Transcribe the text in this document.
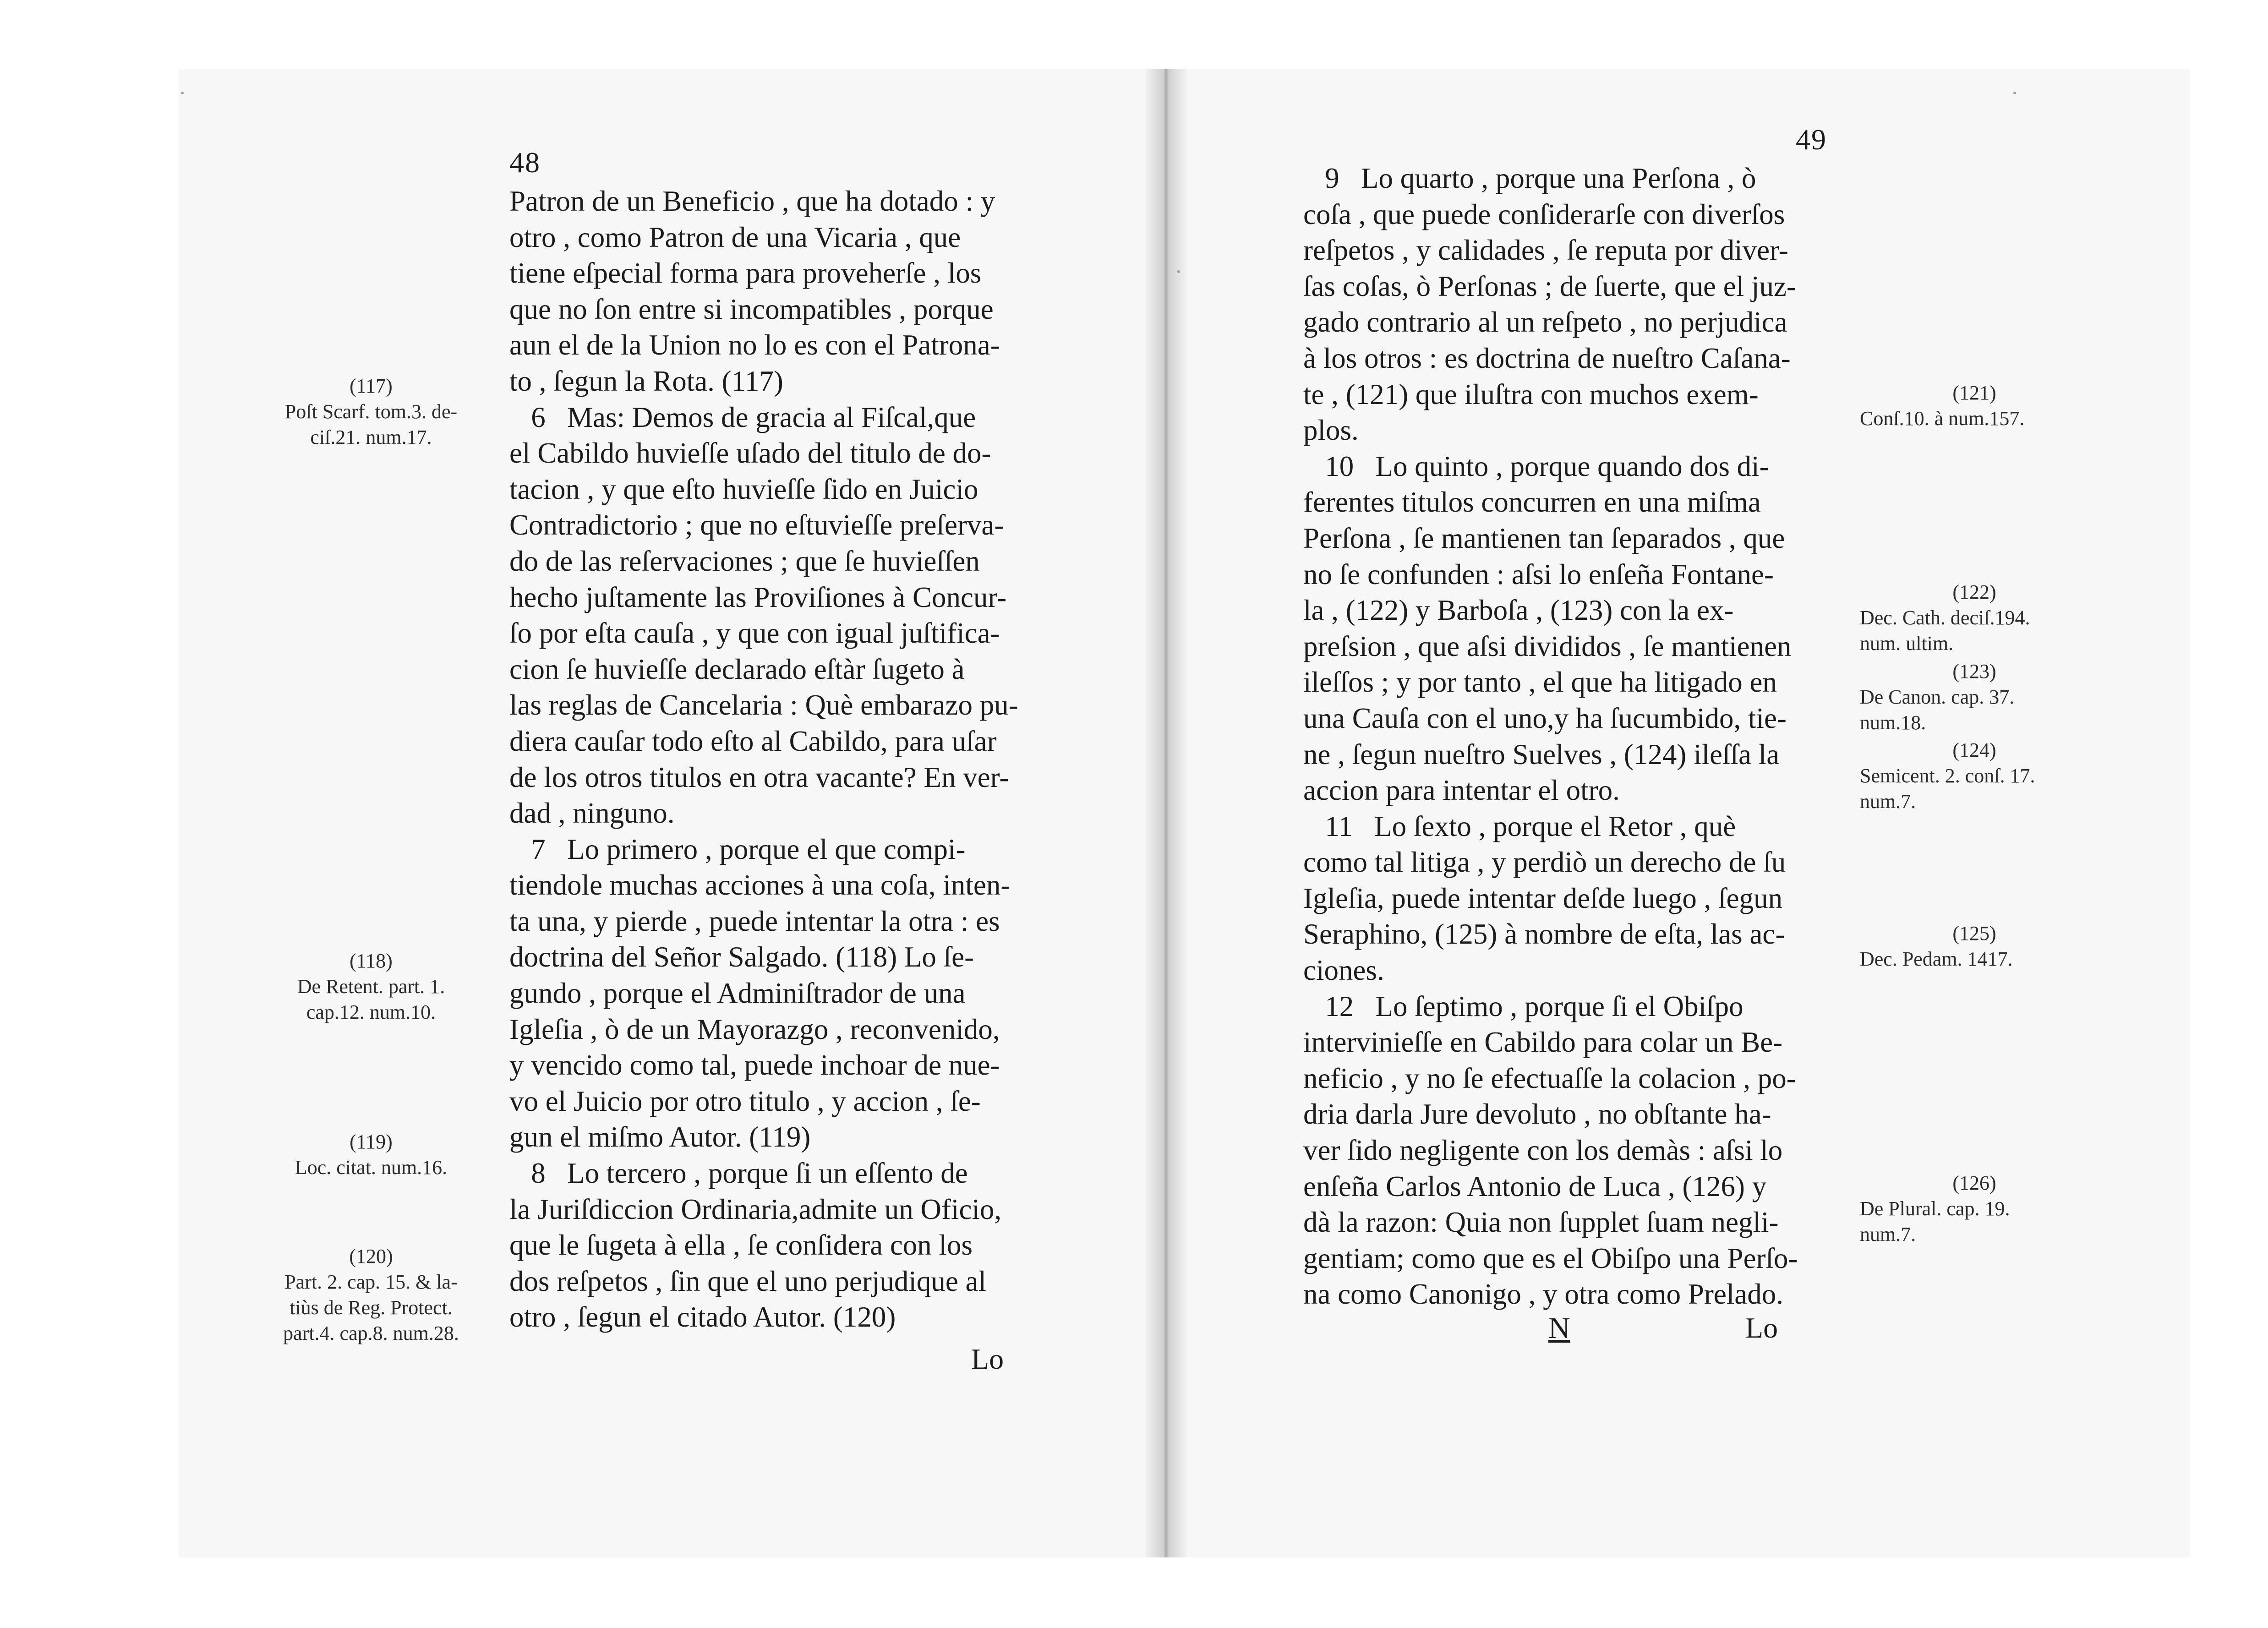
48
Patron de un Beneficio , que ha dotado : y
otro , como Patron de una Vicaria , que
tiene eſpecial forma para proveherſe , los
que no ſon entre si incompatibles , porque
aun el de la Union no lo es con el Patrona-
to , ſegun la Rota. (117)
6   Mas: Demos de gracia al Fiſcal,que
el Cabildo huvieſſe uſado del titulo de do-
tacion , y que eſto huvieſſe ſido en Juicio
Contradictorio ; que no eſtuvieſſe preſerva-
do de las reſervaciones ; que ſe huvieſſen
hecho juſtamente las Proviſiones à Concur-
ſo por eſta cauſa , y que con igual juſtifica-
cion ſe huvieſſe declarado eſtàr ſugeto à
las reglas de Cancelaria : Què embarazo pu-
diera cauſar todo eſto al Cabildo, para uſar
de los otros titulos en otra vacante? En ver-
dad , ninguno.
7   Lo primero , porque el que compi-
tiendole muchas acciones à una coſa, inten-
ta una, y pierde , puede intentar la otra : es
doctrina del Señor Salgado. (118) Lo ſe-
gundo , porque el Adminiſtrador de una
Igleſia , ò de un Mayorazgo , reconvenido,
y vencido como tal, puede inchoar de nue-
vo el Juicio por otro titulo , y accion , ſe-
gun el miſmo Autor. (119)
8   Lo tercero , porque ſi un eſſento de
la Juriſdiccion Ordinaria,admite un Oficio,
que le ſugeta à ella , ſe conſidera con los
dos reſpetos , ſin que el uno perjudique al
otro , ſegun el citado Autor. (120)
Lo
(117)
Poſt Scarf. tom.3. de-
ciſ.21. num.17.
(118)
De Retent. part. 1.
cap.12. num.10.
(119)
Loc. citat. num.16.
(120)
Part. 2. cap. 15. & la-
tiùs de Reg. Protect.
part.4. cap.8. num.28.
49
9   Lo quarto , porque una Perſona , ò
coſa , que puede conſiderarſe con diverſos
reſpetos , y calidades , ſe reputa por diver-
ſas coſas, ò Perſonas ; de ſuerte, que el juz-
gado contrario al un reſpeto , no perjudica
à los otros : es doctrina de nueſtro Caſana-
te , (121) que iluſtra con muchos exem-
plos.
10   Lo quinto , porque quando dos di-
ferentes titulos concurren en una miſma
Perſona , ſe mantienen tan ſeparados , que
no ſe confunden : aſsi lo enſeña Fontane-
la , (122) y Barboſa , (123) con la ex-
preſsion , que aſsi divididos , ſe mantienen
ileſſos ; y por tanto , el que ha litigado en
una Cauſa con el uno,y ha ſucumbido, tie-
ne , ſegun nueſtro Suelves , (124) ileſſa la
accion para intentar el otro.
11   Lo ſexto , porque el Retor , què
como tal litiga , y perdiò un derecho de ſu
Igleſia, puede intentar deſde luego , ſegun
Seraphino, (125) à nombre de eſta, las ac-
ciones.
12   Lo ſeptimo , porque ſi el Obiſpo
intervinieſſe en Cabildo para colar un Be-
neficio , y no ſe efectuaſſe la colacion , po-
dria darla Jure devoluto , no obſtante ha-
ver ſido negligente con los demàs : aſsi lo
enſeña Carlos Antonio de Luca , (126) y
dà la razon: Quia non ſupplet ſuam negli-
gentiam; como que es el Obiſpo una Perſo-
na como Canonigo , y otra como Prelado.
N	Lo
(121)
Conſ.10. à num.157.
(122)
Dec. Cath. deciſ.194.
num. ultim.
(123)
De Canon. cap. 37.
num.18.
(124)
Semicent. 2. conſ. 17.
num.7.
(125)
Dec. Pedam. 1417.
(126)
De Plural. cap. 19.
num.7.
